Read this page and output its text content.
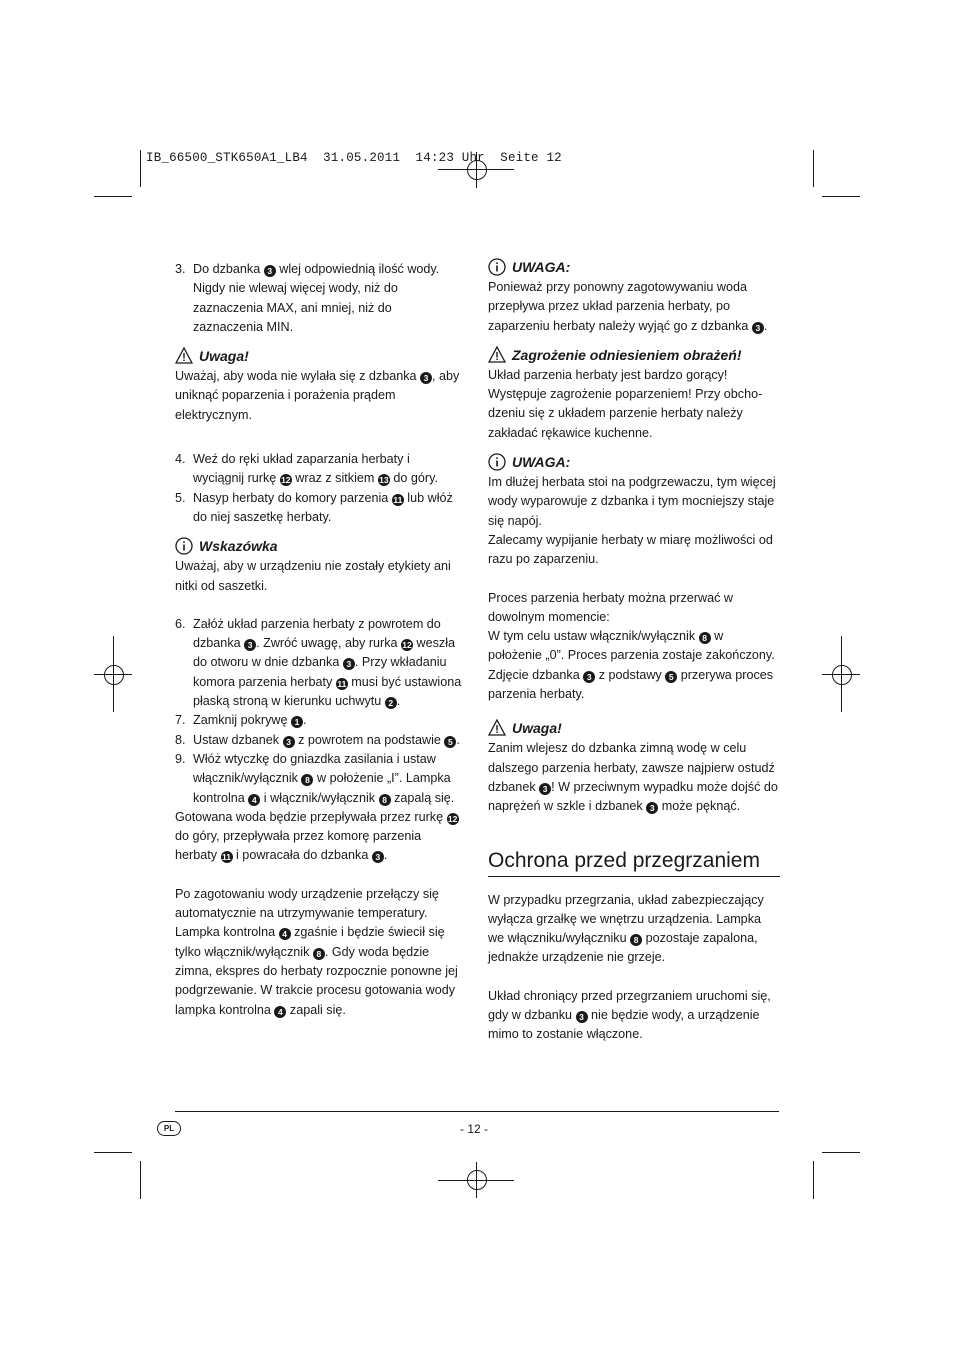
IB_66500_STK650A1_LB4  31.05.2011  14:23 Uhr  Seite 12
3. Do dzbanka 3 wlej odpowiednią ilość wody. Nigdy nie wlewaj więcej wody, niż do zaznaczenia MAX, ani mniej, niż do zaznaczenia MIN.
Uwaga!

Uważaj, aby woda nie wylała się z dzbanka 3 , aby uniknąć poparzenia i porażenia prądem elektrycznym.

4. Weź do ręki układ zaparzania herbaty i wyciągnij rurkę 12 wraz z sitkiem 13 do góry.
5. Nasyp herbaty do komory parzenia 11 lub włóż do niej saszetkę herbaty.
Wskazówka

Uważaj, aby w urządzeniu nie zostały etykiety ani nitki od saszetki.

6. Załóż układ parzenia herbaty z powrotem do dzbanka 3 . Zwróć uwagę, aby rurka 12 weszła do otworu w dnie dzbanka 3 . Przy wkładaniu komora parzenia herbaty 11 musi być ustawiona płaską stroną w kierunku uchwytu 2 .
7. Zamknij pokrywę 1 .
8. Ustaw dzbanek 3 z powrotem na podstawie 5 .
9. Włóż wtyczkę do gniazdka zasilania i ustaw włącznik/wyłącznik 8 w położenie „I”. Lampka kontrolna 4 i włącznik/wyłącznik 8 zapalą się.

Gotowana woda będzie przepływała przez rurkę 12 do góry, przepływała przez komorę parzenia herbaty 11 i powracała do dzbanka 3 .

Po zagotowaniu wody urządzenie przełączy się automatycznie na utrzymywanie temperatury. Lampka kontrolna 4 zgaśnie i będzie świecił się tylko włącznik/wyłącznik 8 . Gdy woda będzie zimna, ekspres do herbaty rozpocznie ponowne jej podgrzewanie. W trakcie procesu gotowania wody lampka kontrolna 4 zapali się.

UWAGA:

Ponieważ przy ponowny zagotowywaniu woda przepływa przez układ parzenia herbaty, po zaparzeniu herbaty należy wyjąć go z dzbanka 3 .

Zagrożenie odniesieniem obrażeń!

Układ parzenia herbaty jest bardzo gorący! Występuje zagrożenie poparzeniem! Przy obcho-dzeniu się z układem parzenie herbaty należy zakładać rękawice kuchenne.

UWAGA:

Im dłużej herbata stoi na podgrzewaczu, tym więcej wody wyparowuje z dzbanka i tym mocniejszy staje się napój.

Zalecamy wypijanie herbaty w miarę możliwości od razu po zaparzeniu.

Proces parzenia herbaty można przerwać w dowolnym momencie:

W tym celu ustaw włącznik/wyłącznik 8 w położenie „0”. Proces parzenia zostaje zakończony.

Zdjęcie dzbanka 3 z podstawy 5 przerywa proces parzenia herbaty.

Uwaga!

Zanim wlejesz do dzbanka zimną wodę w celu dalszego parzenia herbaty, zawsze najpierw ostudź dzbanek 3 ! W przeciwnym wypadku może dojść do naprężeń w szkle i dzbanek 3 może pęknąć.

Ochrona przed przegrzaniem

W przypadku przegrzania, układ zabezpieczający wyłącza grzałkę we wnętrzu urządzenia. Lampka we włączniku/wyłączniku 8 pozostaje zapalona, jednakże urządzenie nie grzeje.

Układ chroniący przed przegrzaniem uruchomi się, gdy w dzbanku 3 nie będzie wody, a urządzenie mimo to zostanie włączone.

PL	- 12 -
